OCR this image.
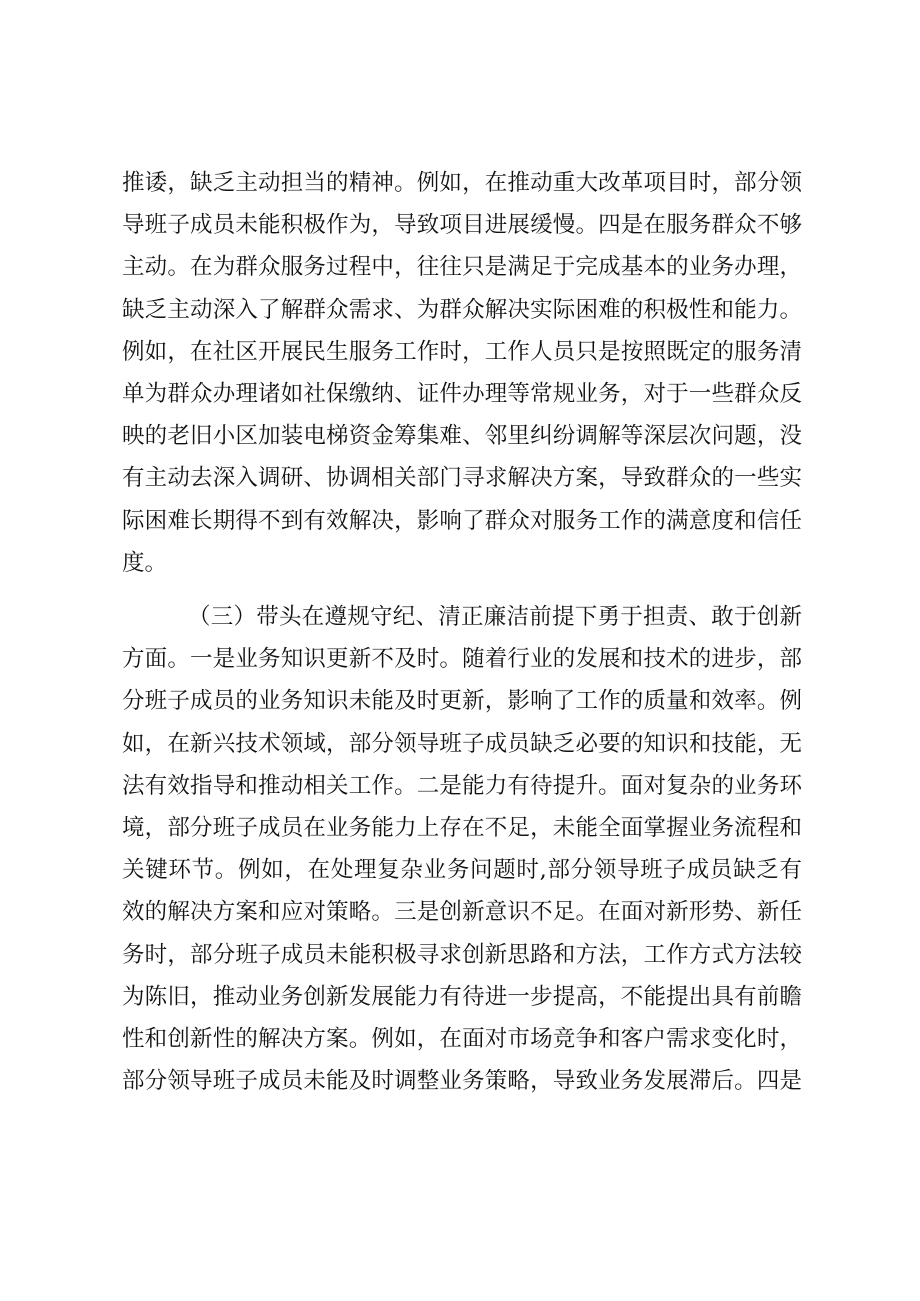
推诿，缺乏主动担当的精神。例如，在推动重大改革项目时，部分领
导班子成员未能积极作为，导致项目进展缓慢。四是在服务群众不够
主动。在为群众服务过程中，往往只是满足于完成基本的业务办理，
缺乏主动深入了解群众需求、为群众解决实际困难的积极性和能力。
例如，在社区开展民生服务工作时，工作人员只是按照既定的服务清
单为群众办理诸如社保缴纳、证件办理等常规业务，对于一些群众反
映的老旧小区加装电梯资金筹集难、邻里纠纷调解等深层次问题，没
有主动去深入调研、协调相关部门寻求解决方案，导致群众的一些实
际困难长期得不到有效解决，影响了群众对服务工作的满意度和信任
度。
（三）带头在遵规守纪、清正廉洁前提下勇于担责、敢于创新
方面。一是业务知识更新不及时。随着行业的发展和技术的进步，部
分班子成员的业务知识未能及时更新，影响了工作的质量和效率。例
如，在新兴技术领域，部分领导班子成员缺乏必要的知识和技能，无
法有效指导和推动相关工作。二是能力有待提升。面对复杂的业务环
境，部分班子成员在业务能力上存在不足，未能全面掌握业务流程和
关键环节。例如，在处理复杂业务问题时,部分领导班子成员缺乏有
效的解决方案和应对策略。三是创新意识不足。在面对新形势、新任
务时，部分班子成员未能积极寻求创新思路和方法，工作方式方法较
为陈旧，推动业务创新发展能力有待进一步提高，不能提出具有前瞻
性和创新性的解决方案。例如，在面对市场竞争和客户需求变化时，
部分领导班子成员未能及时调整业务策略，导致业务发展滞后。四是
